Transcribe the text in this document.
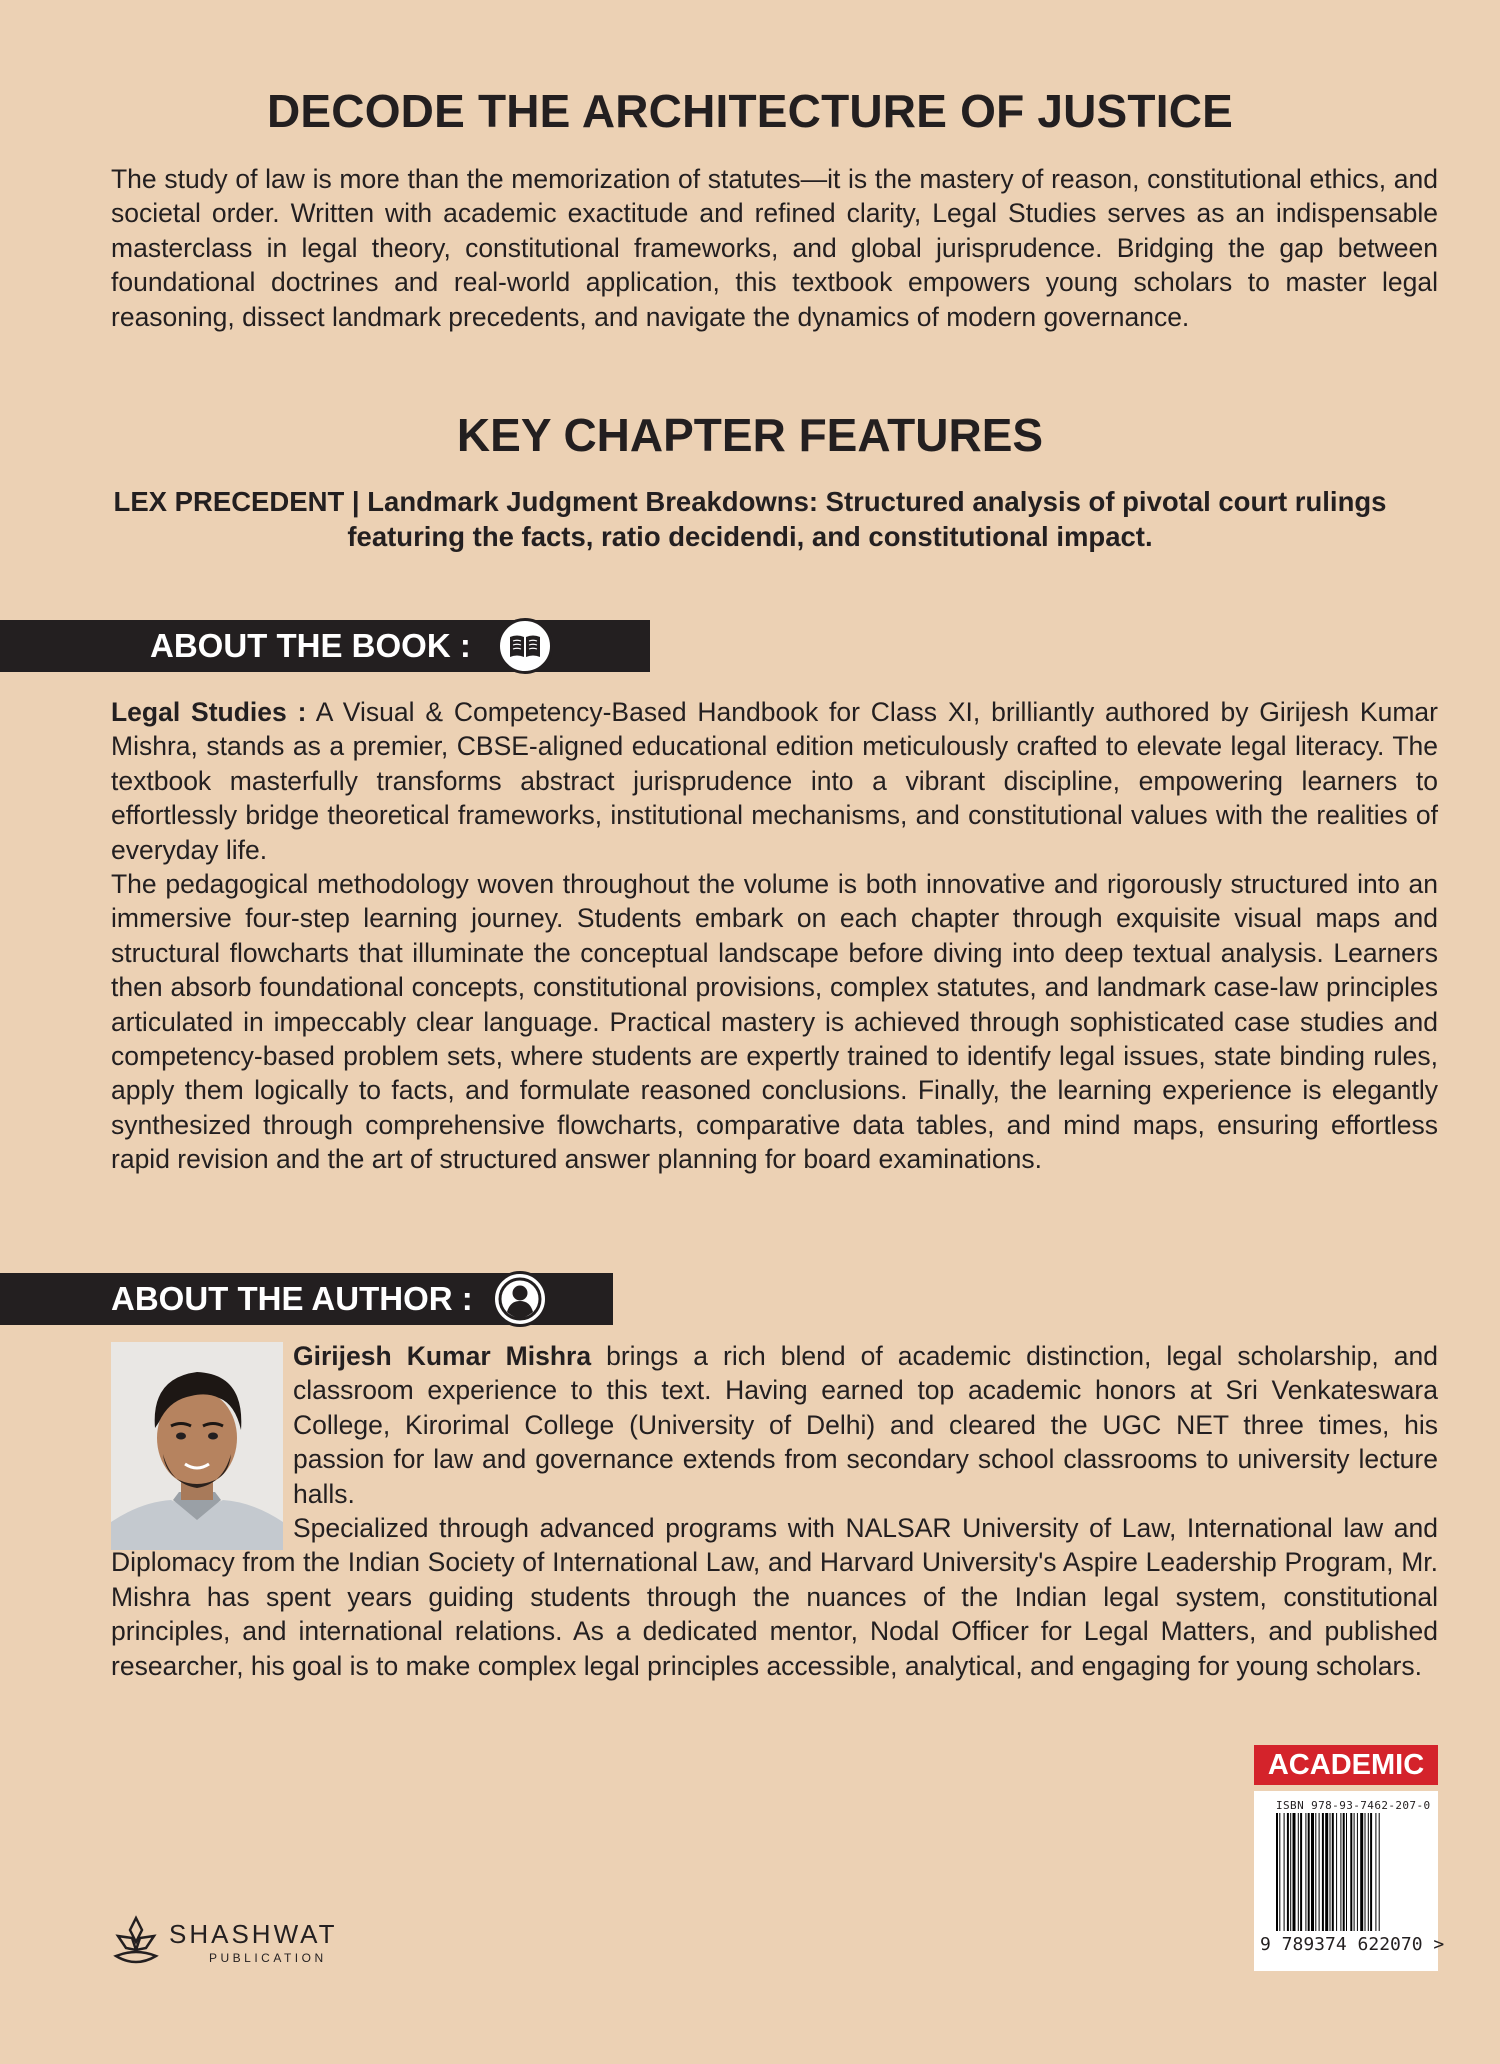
DECODE THE ARCHITECTURE OF JUSTICE

The study of law is more than the memorization of statutes—it is the mastery of reason, constitutional ethics, and societal order. Written with academic exactitude and refined clarity, Legal Studies serves as an indispensable masterclass in legal theory, constitutional frameworks, and global jurisprudence. Bridging the gap between foundational doctrines and real-world application, this textbook empowers young scholars to master legal reasoning, dissect landmark precedents, and navigate the dynamics of modern governance.

KEY CHAPTER FEATURES

LEX PRECEDENT | Landmark Judgment Breakdowns: Structured analysis of pivotal court rulings featuring the facts, ratio decidendi, and constitutional impact.

ABOUT THE BOOK :

Legal Studies : A Visual & Competency-Based Handbook for Class XI, brilliantly authored by Girijesh Kumar Mishra, stands as a premier, CBSE-aligned educational edition meticulously crafted to elevate legal literacy. The textbook masterfully transforms abstract jurisprudence into a vibrant discipline, empowering learners to effortlessly bridge theoretical frameworks, institutional mechanisms, and constitutional values with the realities of everyday life.

The pedagogical methodology woven throughout the volume is both innovative and rigorously structured into an immersive four-step learning journey. Students embark on each chapter through exquisite visual maps and structural flowcharts that illuminate the conceptual landscape before diving into deep textual analysis. Learners then absorb foundational concepts, constitutional provisions, complex statutes, and landmark case-law principles articulated in impeccably clear language. Practical mastery is achieved through sophisticated case studies and competency-based problem sets, where students are expertly trained to identify legal issues, state binding rules, apply them logically to facts, and formulate reasoned conclusions. Finally, the learning experience is elegantly synthesized through comprehensive flowcharts, comparative data tables, and mind maps, ensuring effortless rapid revision and the art of structured answer planning for board examinations.

ABOUT THE AUTHOR :

Girijesh Kumar Mishra brings a rich blend of academic distinction, legal scholarship, and classroom experience to this text. Having earned top academic honors at Sri Venkateswara College, Kirorimal College (University of Delhi) and cleared the UGC NET three times, his passion for law and governance extends from secondary school classrooms to university lecture halls.

Specialized through advanced programs with NALSAR University of Law, International law and Diplomacy from the Indian Society of International Law, and Harvard University's Aspire Leadership Program, Mr. Mishra has spent years guiding students through the nuances of the Indian legal system, constitutional principles, and international relations. As a dedicated mentor, Nodal Officer for Legal Matters, and published researcher, his goal is to make complex legal principles accessible, analytical, and engaging for young scholars.

SHASHWAT
PUBLICATION
ACADEMIC
ISBN 978-93-7462-207-0
9 789374 622070 >
